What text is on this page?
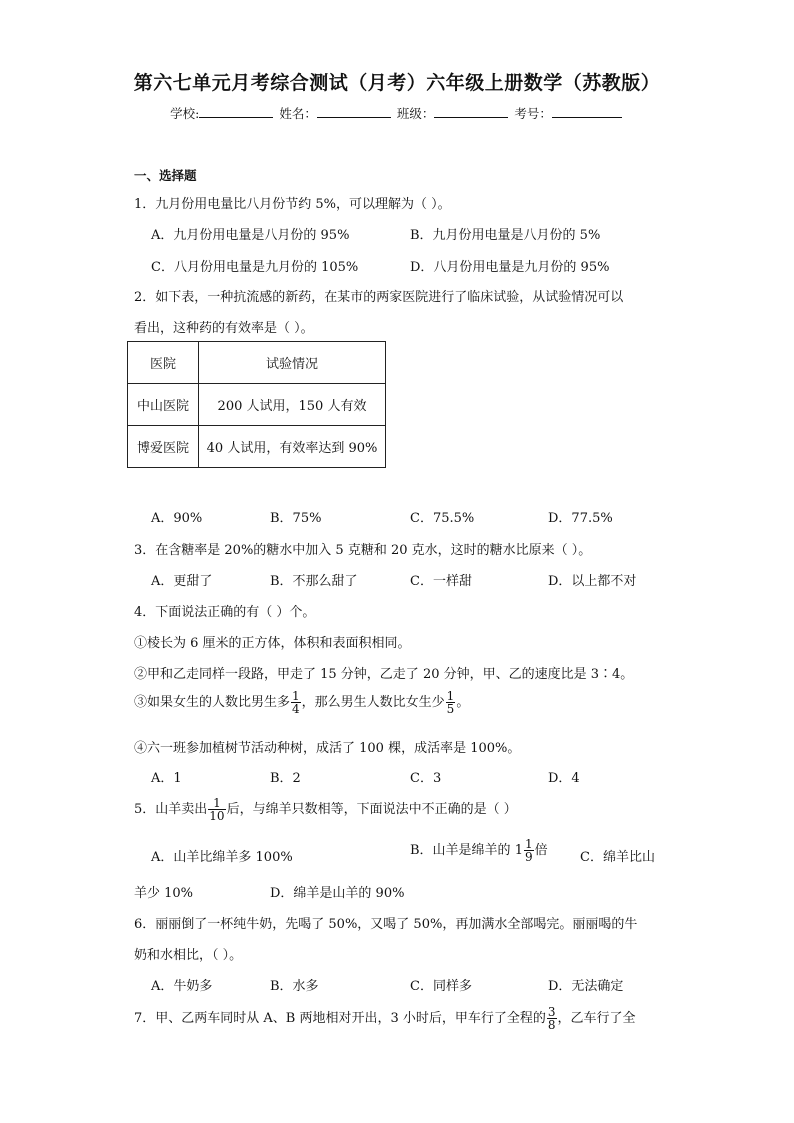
第六七单元月考综合测试（月考）六年级上册数学（苏教版）
学校:	姓名：	班级：	考号：
一、选择题
1．九月份用电量比八月份节约 5%，可以理解为（ ）。
A．九月份用电量是八月份的 95%	B．九月份用电量是八月份的 5%
C．八月份用电量是九月份的 105%	D．八月份用电量是九月份的 95%
2．如下表，一种抗流感的新药，在某市的两家医院进行了临床试验，从试验情况可以
看出，这种药的有效率是（ ）。
医院	试验情况
中山医院	200 人试用，150 人有效
博爱医院	40 人试用，有效率达到 90%
A．90%	B．75%	C．75.5%	D．77.5%
3．在含糖率是 20%的糖水中加入 5 克糖和 20 克水，这时的糖水比原来（ ）。
A．更甜了	B．不那么甜了	C．一样甜	D．以上都不对
4．下面说法正确的有（ ）个。
①棱长为 6 厘米的正方体，体积和表面积相同。
②甲和乙走同样一段路，甲走了 15 分钟，乙走了 20 分钟，甲、乙的速度比是 3∶4。
③如果女生的人数比男生多 $\frac{1}{4}$ ，那么男生人数比女生少 $\frac{1}{5}$ 。
④六一班参加植树节活动种树，成活了 100 棵，成活率是 100%。
A．1	B．2	C．3	D．4
5．山羊卖出 $\frac{1}{10}$ 后，与绵羊只数相等，下面说法中不正确的是（ ）
A．山羊比绵羊多 100%	B．山羊是绵羊的 $1 \frac{1}{9}$ 倍 C．绵羊比山
羊少 10%	D．绵羊是山羊的 90%
6．丽丽倒了一杯纯牛奶，先喝了 50%，又喝了 50%，再加满水全部喝完。丽丽喝的牛
奶和水相比，（ ）。
A．牛奶多	B．水多	C．同样多	D．无法确定
7．甲、乙两车同时从 A、B 两地相对开出，3 小时后，甲车行了全程的 $\frac{3}{8}$ ，乙车行了全
